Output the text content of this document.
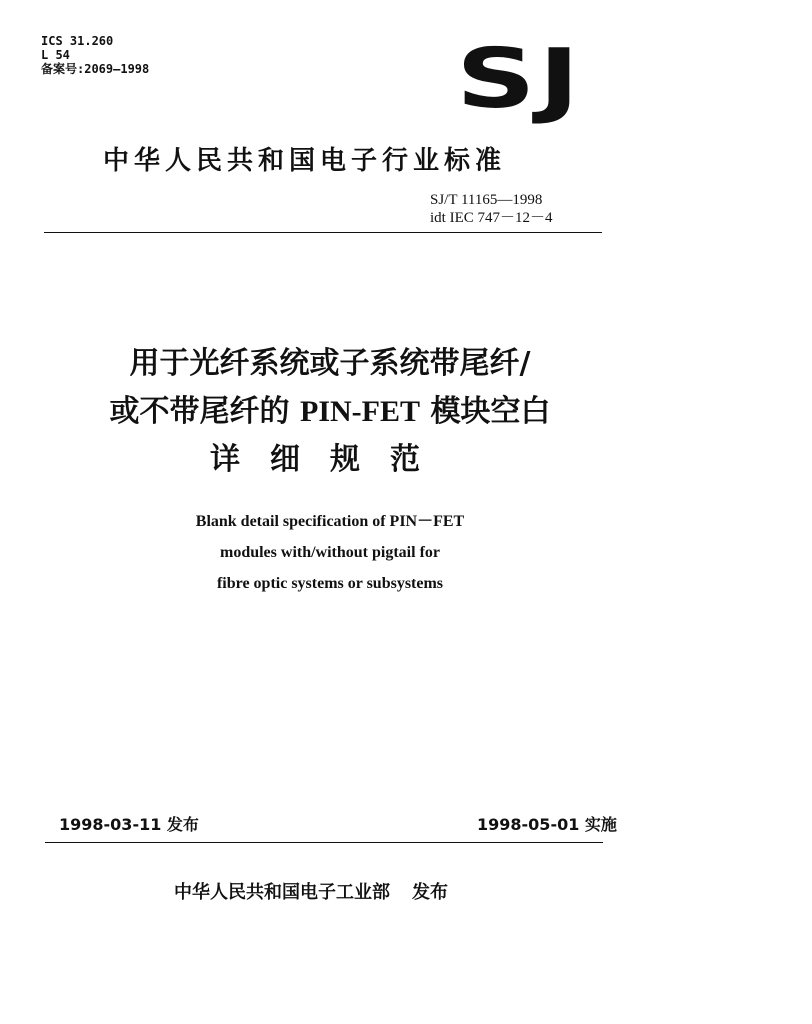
ICS 31.260
L 54
备案号:2069—1998	SJ
中华人民共和国电子行业标准
SJ/T 11165—1998
idt IEC 747－12－4
用于光纤系统或子系统带尾纤/
或不带尾纤的 PIN-FET 模块空白
详细规范
Blank detail specification of PIN－FET
modules with/without pigtail for
fibre optic systems or subsystems
1998-03-11 发布	1998-05-01 实施
中华人民共和国电子工业部 发布
